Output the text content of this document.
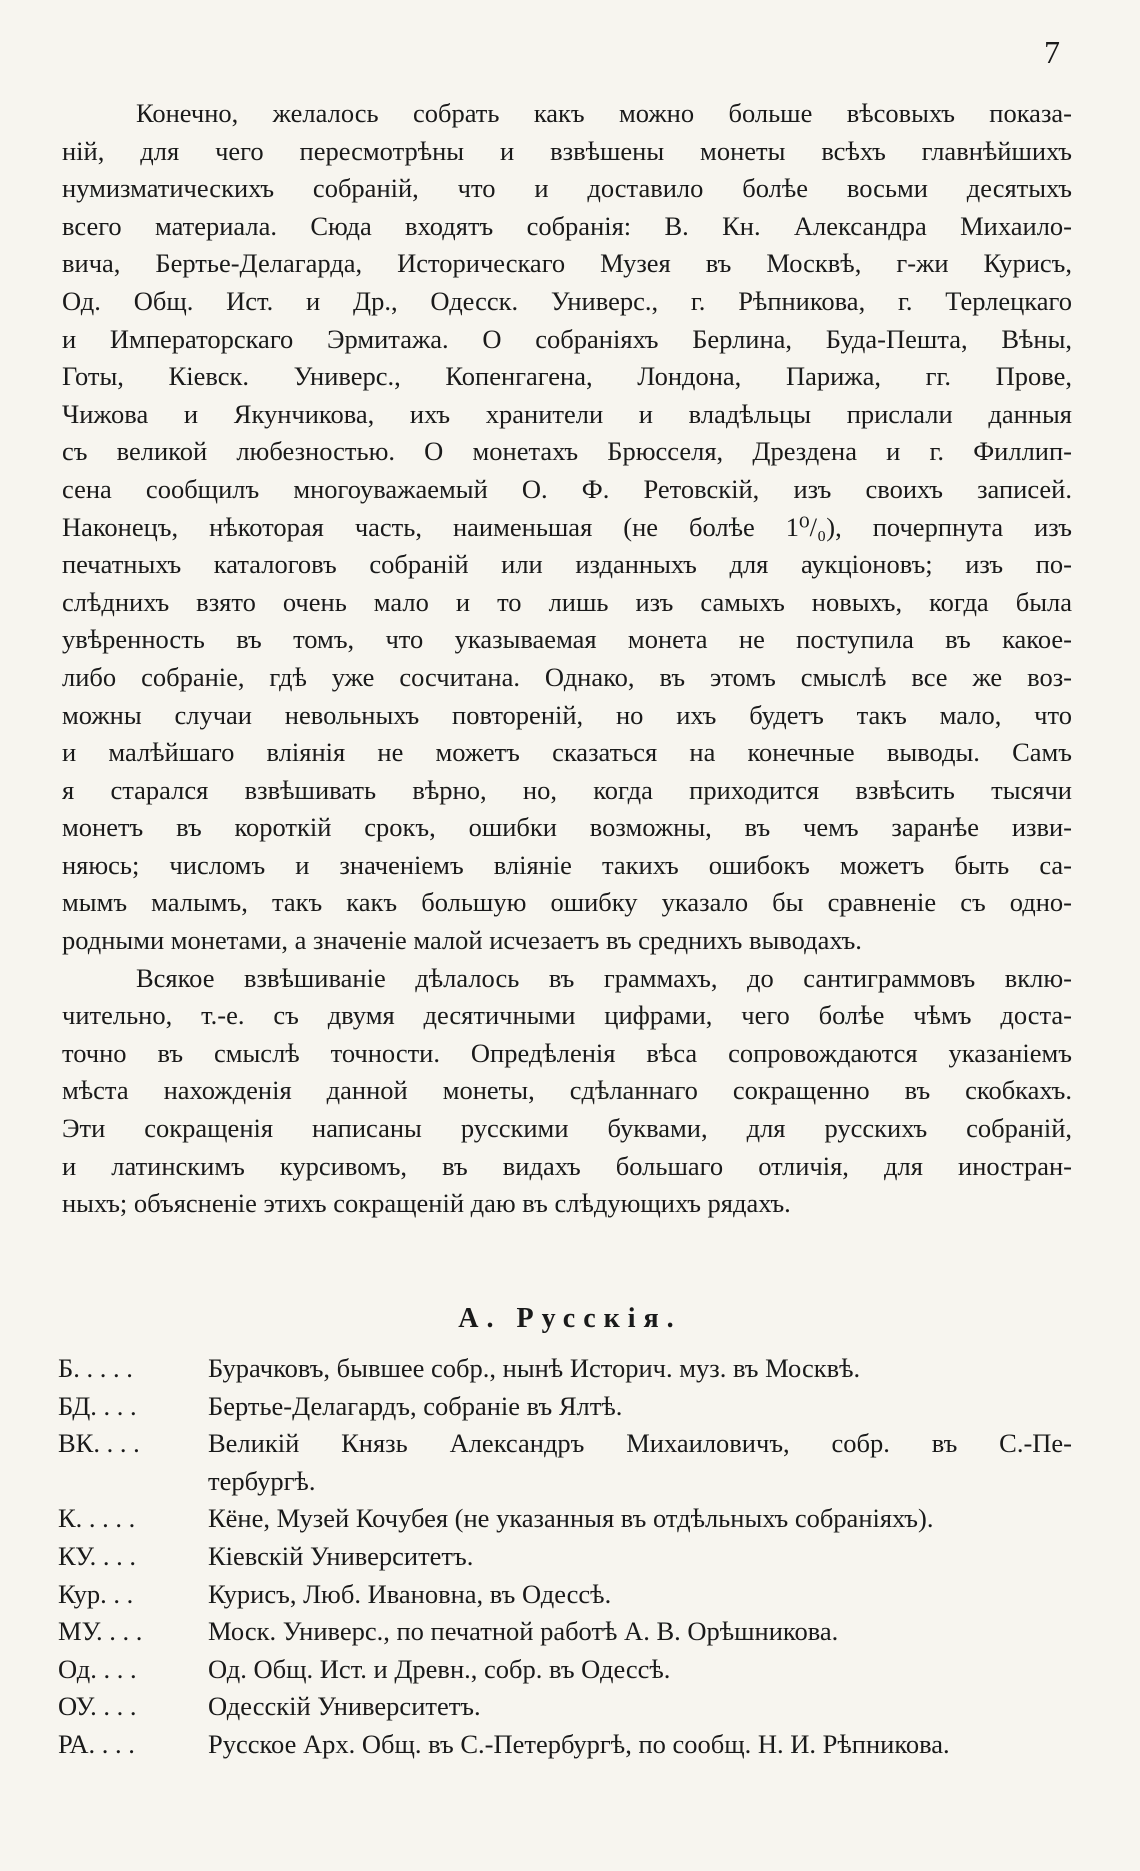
7
Конечно, желалось собрать какъ можно больше вѣсовыхъ показа-
ній, для чего пересмотрѣны и взвѣшены монеты всѣхъ главнѣйшихъ
нумизматическихъ собраній, что и доставило болѣе восьми десятыхъ
всего материала. Сюда входятъ собранія: В. Кн. Александра Михаило-
вича, Бертье-Делагарда, Историческаго Музея въ Москвѣ, г-жи Курисъ,
Од. Общ. Ист. и Др., Одесск. Универс., г. Рѣпникова, г. Терлецкаго
и Императорскаго Эрмитажа. О собраніяхъ Берлина, Буда-Пешта, Вѣны,
Готы, Кіевск. Универс., Копенгагена, Лондона, Парижа, гг. Прове,
Чижова и Якунчикова, ихъ хранители и владѣльцы прислали данныя
съ великой любезностью. О монетахъ Брюсселя, Дрездена и г. Филлип-
сена сообщилъ многоуважаемый О. Ф. Ретовскій, изъ своихъ записей.
Наконецъ, нѣкоторая часть, наименьшая (не болѣе 1⁰/₀), почерпнута изъ
печатныхъ каталоговъ собраній или изданныхъ для аукціоновъ; изъ по-
слѣднихъ взято очень мало и то лишь изъ самыхъ новыхъ, когда была
увѣренность въ томъ, что указываемая монета не поступила въ какое-
либо собраніе, гдѣ уже сосчитана. Однако, въ этомъ смыслѣ все же воз-
можны случаи невольныхъ повтореній, но ихъ будетъ такъ мало, что
и малѣйшаго вліянія не можетъ сказаться на конечные выводы. Самъ
я старался взвѣшивать вѣрно, но, когда приходится взвѣсить тысячи
монетъ въ короткій срокъ, ошибки возможны, въ чемъ заранѣе изви-
няюсь; числомъ и значеніемъ вліяніе такихъ ошибокъ можетъ быть са-
мымъ малымъ, такъ какъ большую ошибку указало бы сравненіе съ одно-
родными монетами, а значеніе малой исчезаетъ въ среднихъ выводахъ.
Всякое взвѣшиваніе дѣлалось въ граммахъ, до сантиграммовъ вклю-
чительно, т.-е. съ двумя десятичными цифрами, чего болѣе чѣмъ доста-
точно въ смыслѣ точности. Опредѣленія вѣса сопровождаются указаніемъ
мѣста нахожденія данной монеты, сдѣланнаго сокращенно въ скобкахъ.
Эти сокращенія написаны русскими буквами, для русскихъ собраній,
и латинскимъ курсивомъ, въ видахъ большаго отличія, для иностран-
ныхъ; объясненіе этихъ сокращеній даю въ слѣдующихъ рядахъ.
А. Русскія.
Б. . . . .	Бурачковъ, бывшее собр., нынѣ Историч. муз. въ Москвѣ.
БД. . . .	Бертье-Делагардъ, собраніе въ Ялтѣ.
ВК. . . .	Великій Князь Александръ Михаиловичъ, собр. въ С.-Пе-
тербургѣ.
К. . . . .	Кёне, Музей Кочубея (не указанныя въ отдѣльныхъ собраніяхъ).
КУ. . . .	Кіевскій Университетъ.
Кур. . .	Курисъ, Люб. Ивановна, въ Одессѣ.
МУ. . . .	Моск. Универс., по печатной работѣ А. В. Орѣшникова.
Од. . . .	Од. Общ. Ист. и Древн., собр. въ Одессѣ.
ОУ. . . .	Одесскій Университетъ.
РА. . . .	Русское Арх. Общ. въ С.-Петербургѣ, по сообщ. Н. И. Рѣпникова.
